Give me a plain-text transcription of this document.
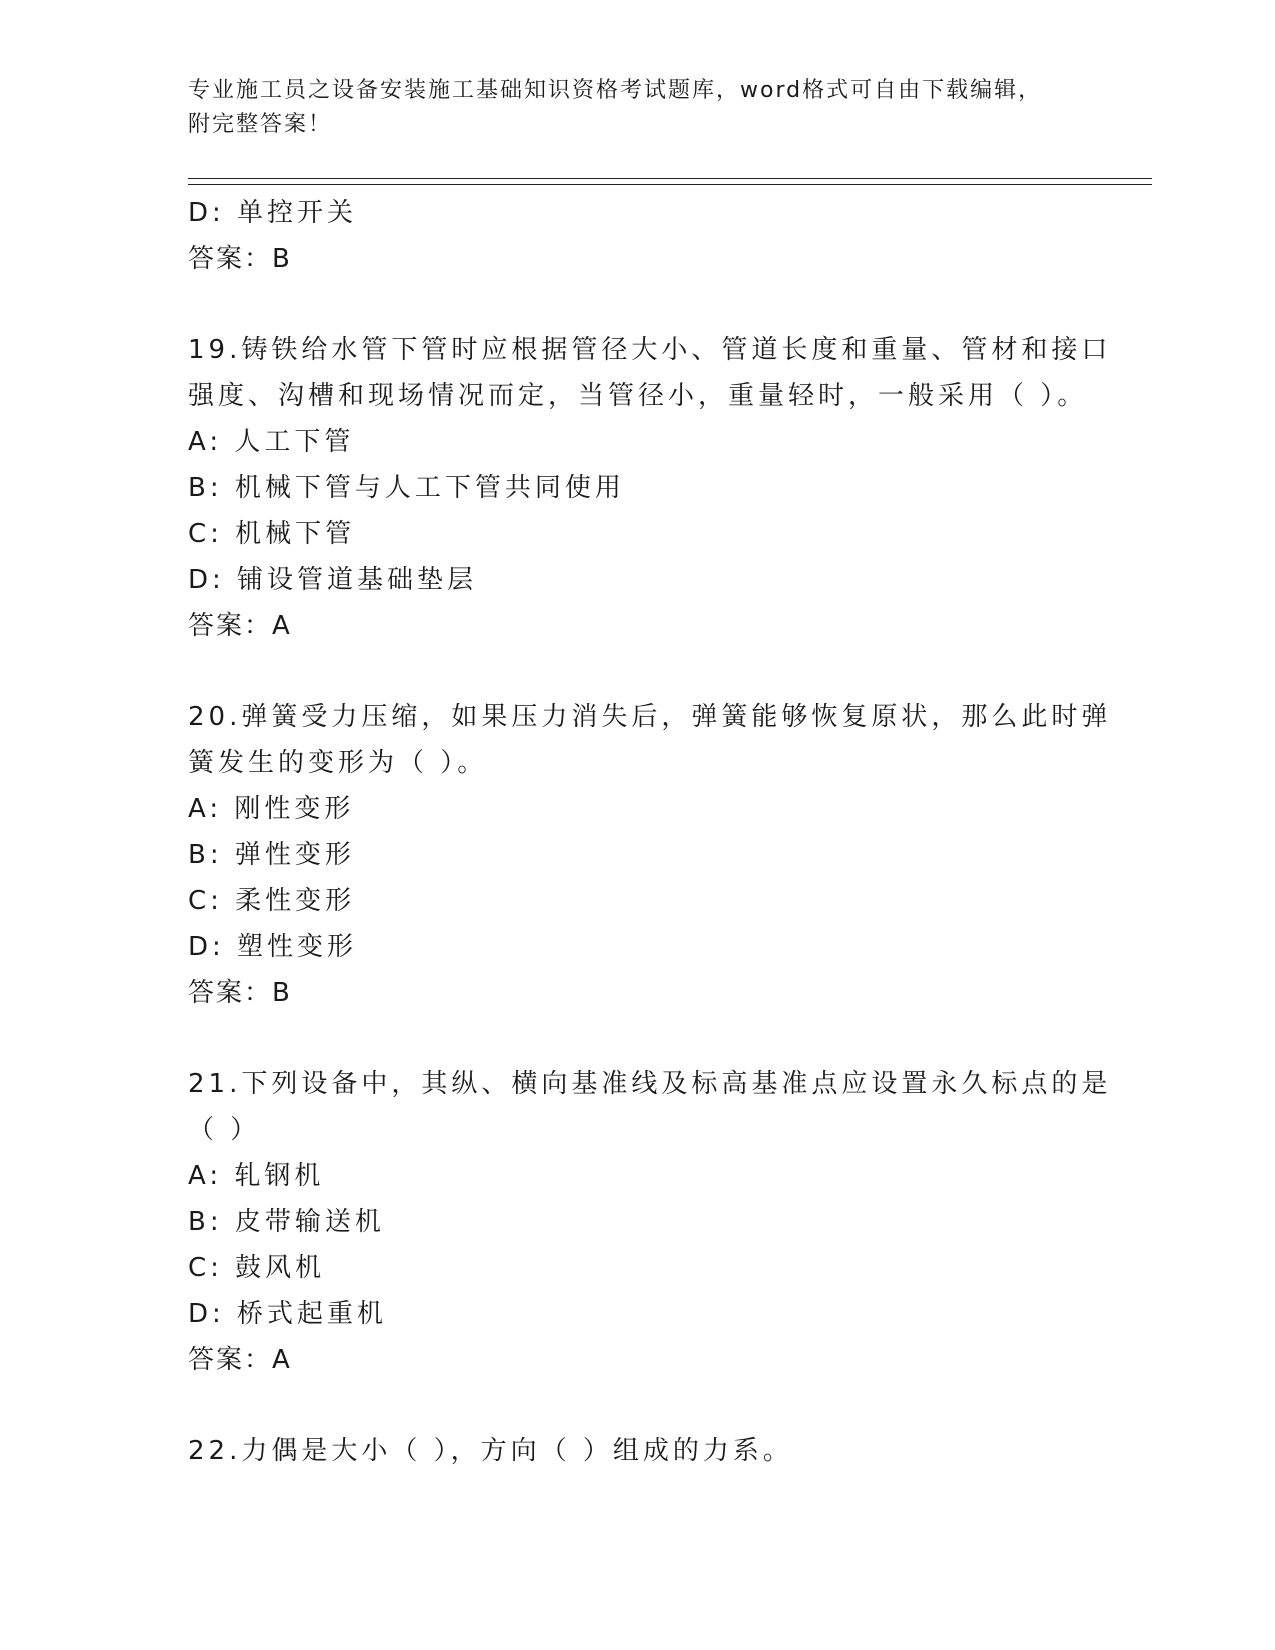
专业施工员之设备安装施工基础知识资格考试题库，word格式可自由下载编辑，
附完整答案！
D: 单控开关
答案：B
19.铸铁给水管下管时应根据管径大小、管道长度和重量、管材和接口
强度、沟槽和现场情况而定，当管径小，重量轻时，一般采用（ ）。
A: 人工下管
B: 机械下管与人工下管共同使用
C: 机械下管
D: 铺设管道基础垫层
答案：A
20.弹簧受力压缩，如果压力消失后，弹簧能够恢复原状，那么此时弹
簧发生的变形为（ ）。
A: 刚性变形
B: 弹性变形
C: 柔性变形
D: 塑性变形
答案：B
21.下列设备中，其纵、横向基准线及标高基准点应设置永久标点的是
（ ）
A: 轧钢机
B: 皮带输送机
C: 鼓风机
D: 桥式起重机
答案：A
22.力偶是大小（ ），方向（ ）组成的力系。
